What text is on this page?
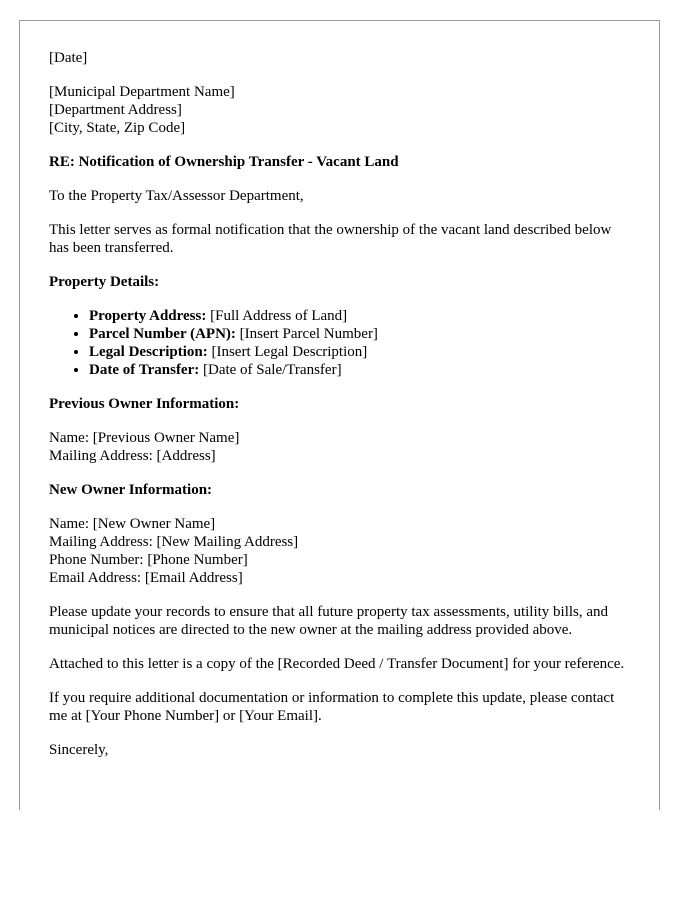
[Date]

[Municipal Department Name]
[Department Address]
[City, State, Zip Code]

RE: Notification of Ownership Transfer - Vacant Land

To the Property Tax/Assessor Department,

This letter serves as formal notification that the ownership of the vacant land described below has been transferred.

Property Details:

• Property Address: [Full Address of Land]
• Parcel Number (APN): [Insert Parcel Number]
• Legal Description: [Insert Legal Description]
• Date of Transfer: [Date of Sale/Transfer]

Previous Owner Information:

Name: [Previous Owner Name]
Mailing Address: [Address]

New Owner Information:

Name: [New Owner Name]
Mailing Address: [New Mailing Address]
Phone Number: [Phone Number]
Email Address: [Email Address]

Please update your records to ensure that all future property tax assessments, utility bills, and municipal notices are directed to the new owner at the mailing address provided above.

Attached to this letter is a copy of the [Recorded Deed / Transfer Document] for your reference.

If you require additional documentation or information to complete this update, please contact me at [Your Phone Number] or [Your Email].

Sincerely,
